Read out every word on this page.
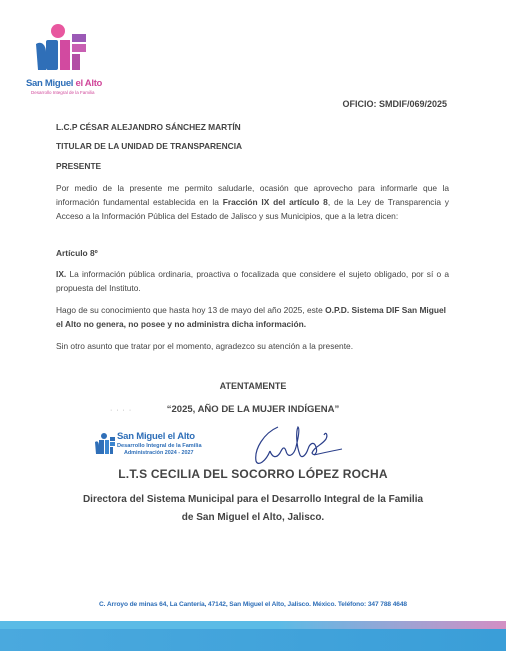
San Miguel el Alto
Desarrollo Integral de la Familia
OFICIO: SMDIF/069/2025
L.C.P CÉSAR ALEJANDRO SÁNCHEZ MARTÍN
TITULAR DE LA UNIDAD DE TRANSPARENCIA
PRESENTE
Por medio de la presente me permito saludarle, ocasión que aprovecho para informarle que la información fundamental establecida en la Fracción IX del artículo 8, de la Ley de Transparencia y Acceso a la Información Pública del Estado de Jalisco y sus Municipios, que a la letra dicen:
Artículo 8º
IX. La información pública ordinaria, proactiva o focalizada que considere el sujeto obligado, por sí o a propuesta del Instituto.
Hago de su conocimiento que hasta hoy 13 de mayo del año 2025, este O.P.D. Sistema DIF San Miguel el Alto no genera, no posee y no administra dicha información.
Sin otro asunto que tratar por el momento, agradezco su atención a la presente.
ATENTAMENTE
“2025, AÑO DE LA MUJER INDÍGENA”
· · · ·
San Miguel el Alto
Desarrollo Integral de la Familia
Administración 2024 - 2027
L.T.S CECILIA DEL SOCORRO LÓPEZ ROCHA
Directora del Sistema Municipal para el Desarrollo Integral de la Familia
de San Miguel el Alto, Jalisco.
C. Arroyo de minas 64, La Cantería, 47142, San Miguel el Alto, Jalisco. México. Teléfono: 347 788 4648
